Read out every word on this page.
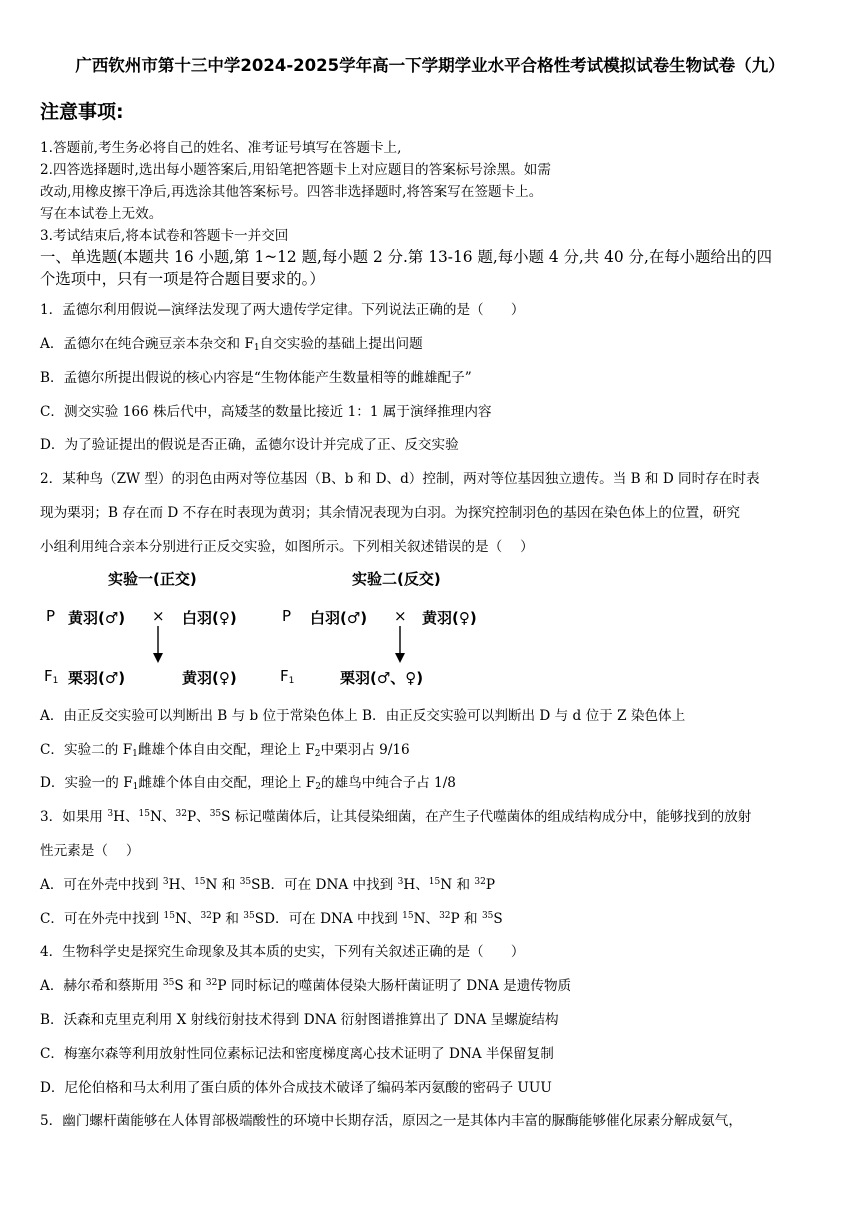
广西钦州市第十三中学2024-2025学年高一下学期学业水平合格性考试模拟试卷生物试卷（九）
注意事项:
1.答题前,考生务必将自己的姓名、准考证号填写在答题卡上,
2.四答选择题时,选出每小题答案后,用铅笔把答题卡上对应题目的答案标号涂黑。如需
改动,用橡皮擦干净后,再选涂其他答案标号。四答非选择题时,将答案写在签题卡上。
写在本试卷上无效。
3.考试结束后,将本试卷和答题卡一并交回
一、单选题(本题共 16 小题,第 1~12 题,每小题 2 分.第 13-16 题,每小题 4 分,共 40 分,在每小题给出的四
个选项中，只有一项是符合题目要求的。）
1．孟德尔利用假说—演绎法发现了两大遗传学定律。下列说法正确的是（　　）
A．孟德尔在纯合豌豆亲本杂交和 $F_1$自交实验的基础上提出问题
B．孟德尔所提出假说的核心内容是“生物体能产生数量相等的雌雄配子”
C．测交实验 166 株后代中，高矮茎的数量比接近 1：1 属于演绎推理内容
D．为了验证提出的假说是否正确，孟德尔设计并完成了正、反交实验
2．某种鸟（ZW 型）的羽色由两对等位基因（B、b 和 D、d）控制，两对等位基因独立遗传。当 B 和 D 同时存在时表
现为栗羽；B 存在而 D 不存在时表现为黄羽；其余情况表现为白羽。为探究控制羽色的基因在染色体上的位置，研究
小组利用纯合亲本分别进行正反交实验，如图所示。下列相关叙述错误的是（　 ）
实验一(正交)	实验二(反交)
P 黄羽(♂) × 白羽(♀)	P 白羽(♂) × 黄羽(♀)
$F_1$ 栗羽(♂)	黄羽(♀)	$F_1$	栗羽(♂、♀)
A．由正反交实验可以判断出 B 与 b 位于常染色体上 B．由正反交实验可以判断出 D 与 d 位于 Z 染色体上
C．实验二的 $F_1$雌雄个体自由交配，理论上 $F_2$中栗羽占 9/16
D．实验一的 $F_1$雌雄个体自由交配，理论上 $F_2$的雄鸟中纯合子占 1/8
3．如果用 $^3$H、$^{15}$N、$^{32}$P、$^{35}$S 标记噬菌体后，让其侵染细菌，在产生子代噬菌体的组成结构成分中，能够找到的放射
性元素是（　 ）
A．可在外壳中找到 $^3$H、$^{15}$N 和 $^{35}$SB．可在 DNA 中找到 $^3$H、$^{15}$N 和 $^{32}$P
C．可在外壳中找到 $^{15}$N、$^{32}$P 和 $^{35}$SD．可在 DNA 中找到 $^{15}$N、$^{32}$P 和 $^{35}$S
4．生物科学史是探究生命现象及其本质的史实，下列有关叙述正确的是（　　）
A．赫尔希和蔡斯用 $^{35}$S 和 $^{32}$P 同时标记的噬菌体侵染大肠杆菌证明了 DNA 是遗传物质
B．沃森和克里克利用 X 射线衍射技术得到 DNA 衍射图谱推算出了 DNA 呈螺旋结构
C．梅塞尔森等利用放射性同位素标记法和密度梯度离心技术证明了 DNA 半保留复制
D．尼伦伯格和马太利用了蛋白质的体外合成技术破译了编码苯丙氨酸的密码子 UUU
5．幽门螺杆菌能够在人体胃部极端酸性的环境中长期存活，原因之一是其体内丰富的脲酶能够催化尿素分解成氨气，
